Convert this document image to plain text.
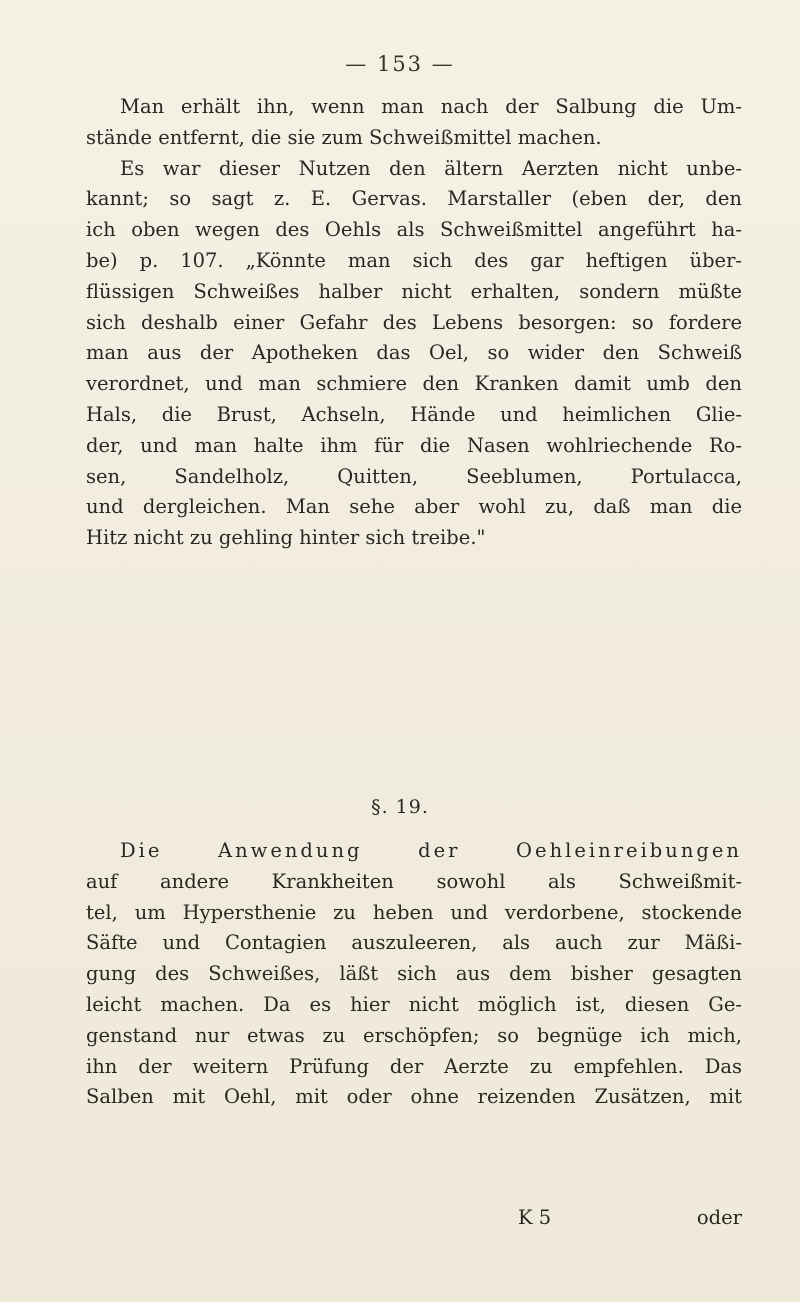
— 153 —
Man erhält ihn, wenn man nach der Salbung die Um-
stände entfernt, die sie zum Schweißmittel machen.
Es war dieser Nutzen den ältern Aerzten nicht unbe-
kannt; so sagt z. E. Gervas. Marstaller (eben der, den
ich oben wegen des Oehls als Schweißmittel angeführt ha-
be) p. 107. „Könnte man sich des gar heftigen über-
flüssigen Schweißes halber nicht erhalten, sondern müßte
sich deshalb einer Gefahr des Lebens besorgen: so fordere
man aus der Apotheken das Oel, so wider den Schweiß
verordnet, und man schmiere den Kranken damit umb den
Hals, die Brust, Achseln, Hände und heimlichen Glie-
der, und man halte ihm für die Nasen wohlriechende Ro-
sen, Sandelholz, Quitten, Seeblumen, Portulacca,
und dergleichen. Man sehe aber wohl zu, daß man die
Hitz nicht zu gehling hinter sich treibe."
§. 19.
Die Anwendung der Oehleinreibungen
auf andere Krankheiten sowohl als Schweißmit-
tel, um Hypersthenie zu heben und verdorbene, stockende
Säfte und Contagien auszuleeren, als auch zur Mäßi-
gung des Schweißes, läßt sich aus dem bisher gesagten
leicht machen. Da es hier nicht möglich ist, diesen Ge-
genstand nur etwas zu erschöpfen; so begnüge ich mich,
ihn der weitern Prüfung der Aerzte zu empfehlen. Das
Salben mit Oehl, mit oder ohne reizenden Zusätzen, mit
K 5	oder
